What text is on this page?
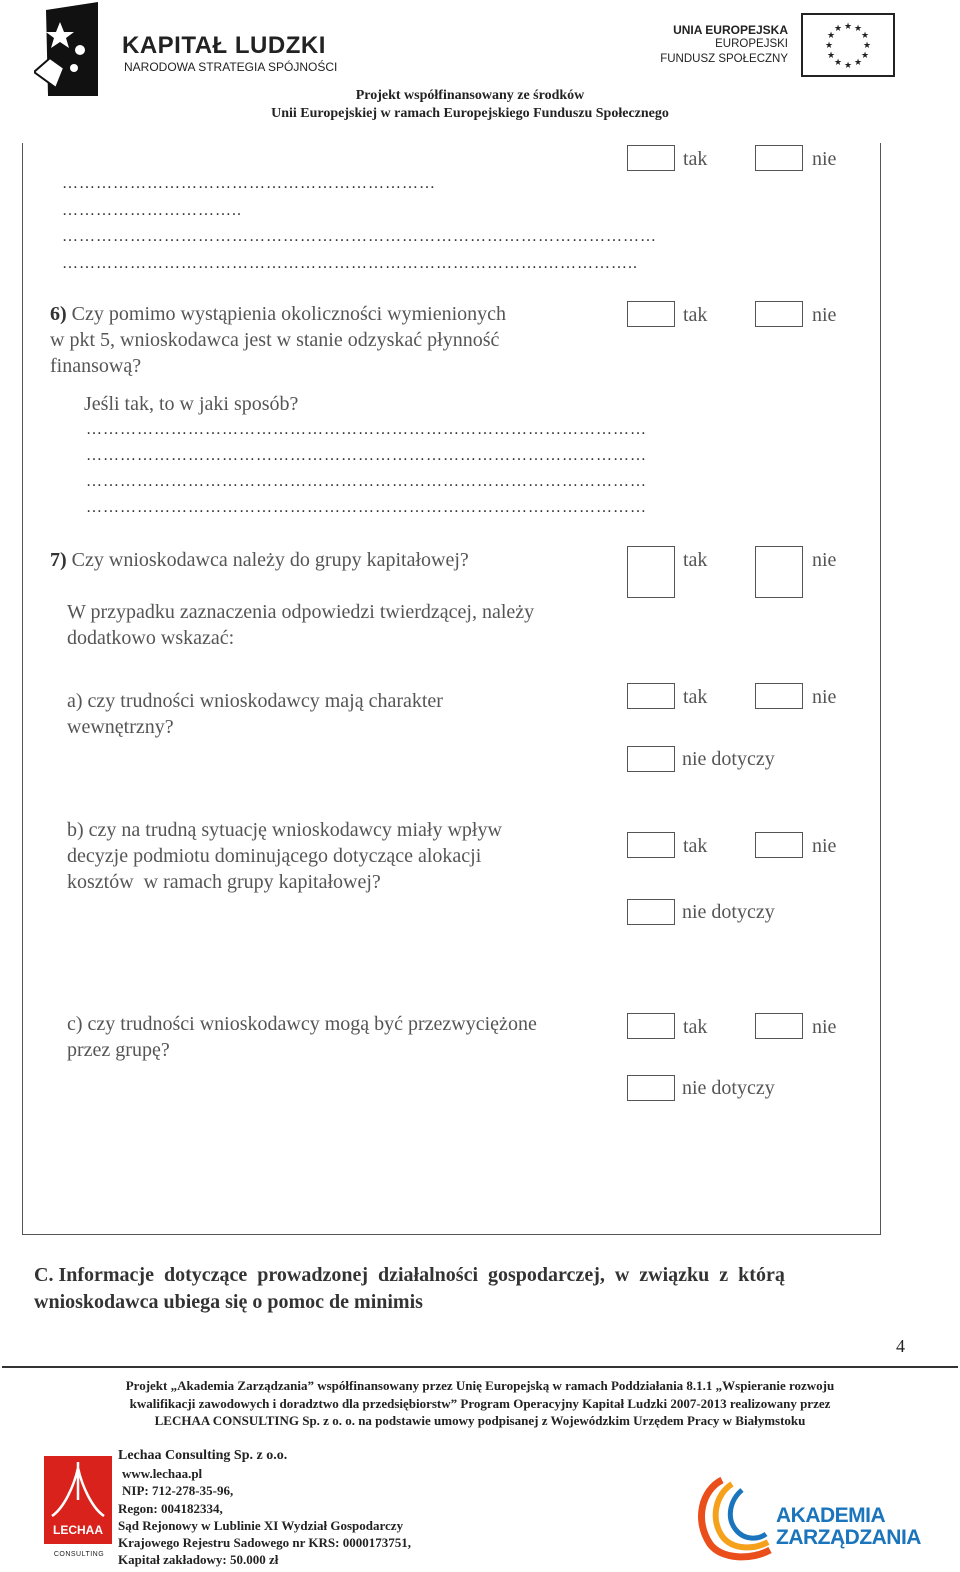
KAPITAŁ LUDZKI
NARODOWA STRATEGIA SPÓJNOŚCI
UNIA EUROPEJSKA
EUROPEJSKI
FUNDUSZ SPOŁECZNY
★ ★
★
★
★
★
★
★
★
★
★
★
Projekt współfinansowany ze środków
Unii Europejskiej w ramach Europejskiego Funduszu Społecznego
tak	nie
…………………………………………………………
…………………………..
……………………………………………………………………………………………
………………………………………………………………………….……………..
6) Czy pomimo wystąpienia okoliczności wymienionych
w pkt 5, wnioskodawca jest w stanie odzyskać płynność
finansową?
tak	nie
Jeśli tak, to w jaki sposób?
………………………………………………………………………………………
………………………………………………………………………………………
………………………………………………………………………………………
………………………………………………………………………………………
7) Czy wnioskodawca należy do grupy kapitałowej?	tak	nie
W przypadku zaznaczenia odpowiedzi twierdzącej, należy
dodatkowo wskazać:
a) czy trudności wnioskodawcy mają charakter
wewnętrzny?
tak	nie
nie dotyczy
b) czy na trudną sytuację wnioskodawcy miały wpływ
decyzje podmiotu dominującego dotyczące alokacji
kosztów  w ramach grupy kapitałowej?
tak	nie
nie dotyczy
c) czy trudności wnioskodawcy mogą być przezwyciężone
przez grupę?
tak	nie
nie dotyczy
C. Informacje  dotyczące  prowadzonej  działalności  gospodarczej,  w  związku  z  którą
wnioskodawca ubiega się o pomoc de minimis
4
Projekt „Akademia Zarządzania” współfinansowany przez Unię Europejską w ramach Poddziałania 8.1.1 „Wspieranie rozwoju
kwalifikacji zawodowych i doradztwo dla przedsiębiorstw” Program Operacyjny Kapitał Ludzki 2007-2013 realizowany przez
LECHAA CONSULTING Sp. z o. o. na podstawie umowy podpisanej z Wojewódzkim Urzędem Pracy w Białymstoku
LECHAA
CONSULTING
Lechaa Consulting Sp. z o.o.
www.lechaa.pl
NIP: 712-278-35-96,
Regon: 004182334,
Sąd Rejonowy w Lublinie XI Wydział Gospodarczy
Krajowego Rejestru Sadowego nr KRS: 0000173751,
Kapitał zakładowy: 50.000 zł
AKADEMIA
ZARZĄDZANIA
